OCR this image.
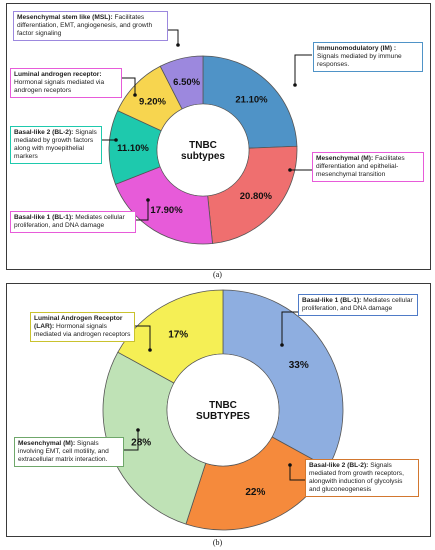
21.10%
20.80%
17.90%
11.10%
9.20%
6.50%
TNBC
subtypes
33%
22%
28%
17%
TNBC
SUBTYPES
Mesenchymal stem like (MSL): Facilitates differentiation, EMT, angiogenesis, and growth factor signaling
Immunomodulatory (IM) : Signals mediated by immune responses.
Luminal androgen receptor: Hormonal signals mediated via androgen receptors
Basal-like 2 (BL-2): Signals mediated by growth factors along with myoepithelial markers	Mesenchymal (M): Facilitates differentiation and epithelial-mesenchymal transition
Basal-like 1 (BL-1): Mediates cellular proliferation, and DNA damage
Basal-like 1 (BL-1): Mediates cellular proliferation, and DNA damage
Luminal Androgen Receptor (LAR): Hormonal signals mediated via androgen receptors
Mesenchymal (M): Signals involving EMT, cell motility, and extracellular matrix interaction.
Basal-like 2 (BL-2): Signals mediated from growth receptors, alongwith induction of glycolysis and gluconeogenesis
(a)
(b)
